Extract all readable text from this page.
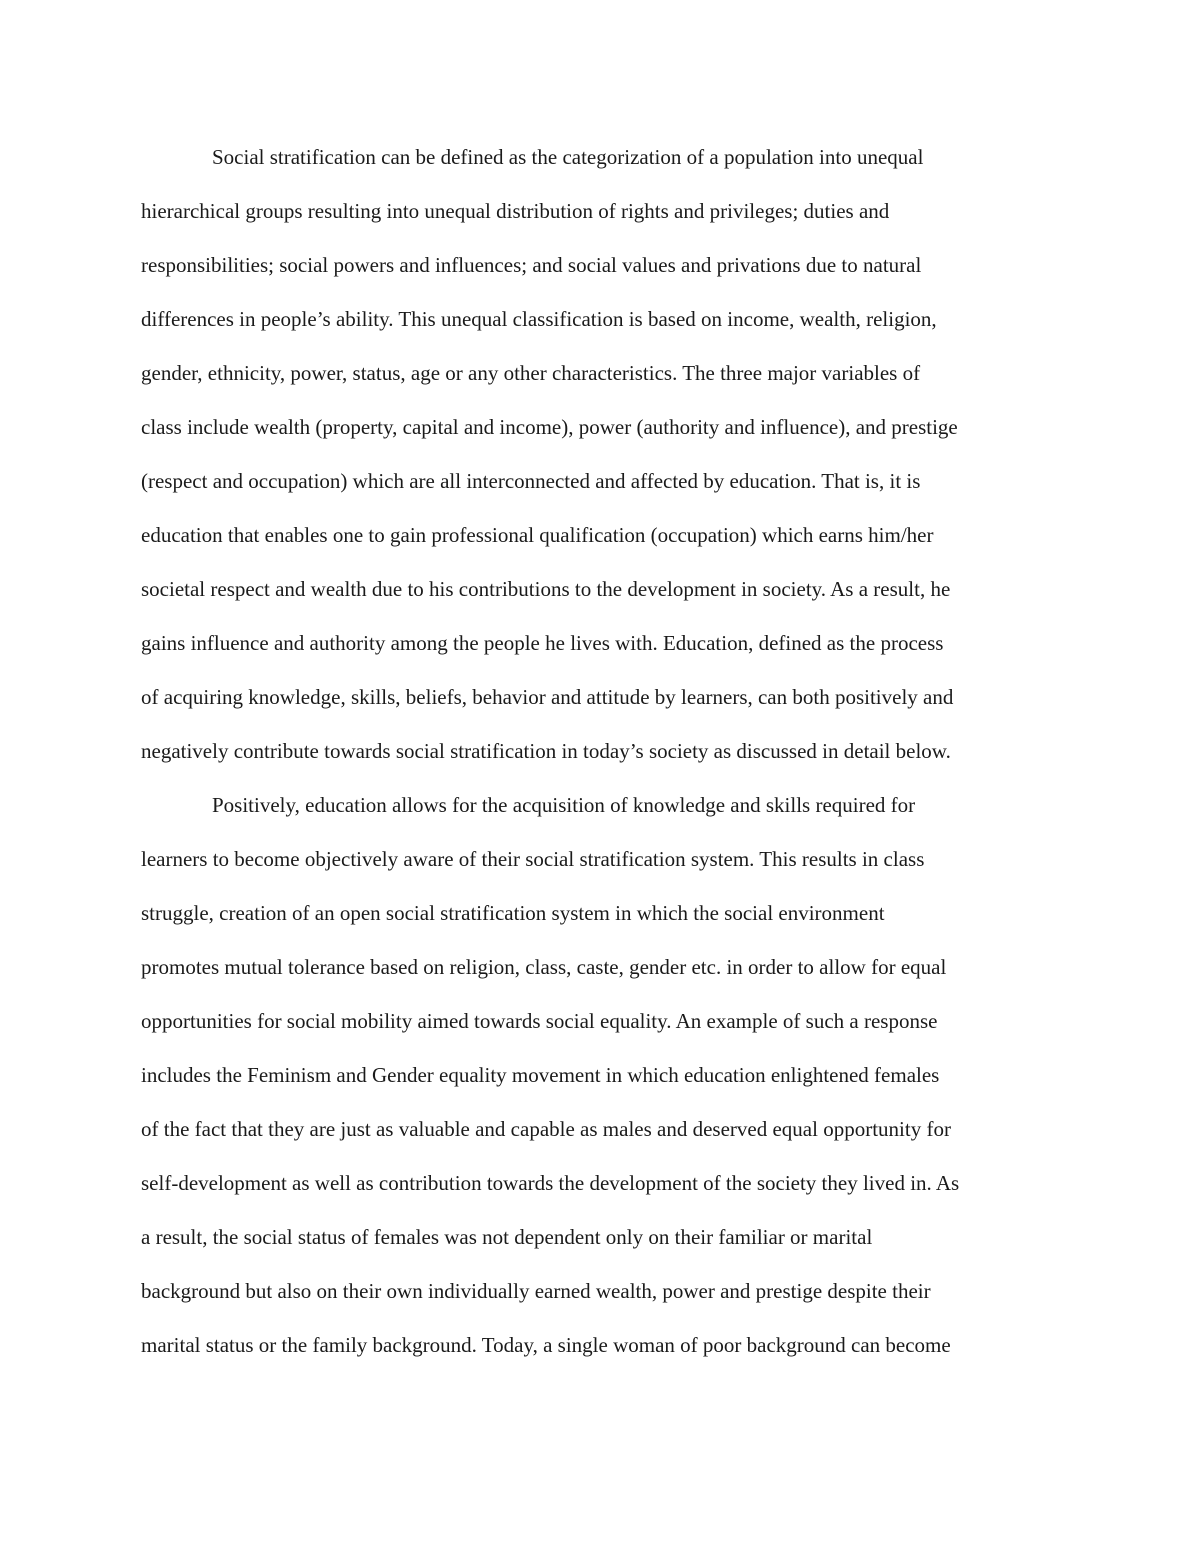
Social stratification can be defined as the categorization of a population into unequal
hierarchical groups resulting into unequal distribution of rights and privileges; duties and
responsibilities; social powers and influences; and social values and privations due to natural
differences in people’s ability. This unequal classification is based on income, wealth, religion,
gender, ethnicity, power, status, age or any other characteristics. The three major variables of
class include wealth (property, capital and income), power (authority and influence), and prestige
(respect and occupation) which are all interconnected and affected by education. That is, it is
education that enables one to gain professional qualification (occupation) which earns him/her
societal respect and wealth due to his contributions to the development in society. As a result, he
gains influence and authority among the people he lives with. Education, defined as the process
of acquiring knowledge, skills, beliefs, behavior and attitude by learners, can both positively and
negatively contribute towards social stratification in today’s society as discussed in detail below.
Positively, education allows for the acquisition of knowledge and skills required for
learners to become objectively aware of their social stratification system. This results in class
struggle, creation of an open social stratification system in which the social environment
promotes mutual tolerance based on religion, class, caste, gender etc. in order to allow for equal
opportunities for social mobility aimed towards social equality. An example of such a response
includes the Feminism and Gender equality movement in which education enlightened females
of the fact that they are just as valuable and capable as males and deserved equal opportunity for
self-development as well as contribution towards the development of the society they lived in. As
a result, the social status of females was not dependent only on their familiar or marital
background but also on their own individually earned wealth, power and prestige despite their
marital status or the family background. Today, a single woman of poor background can become
